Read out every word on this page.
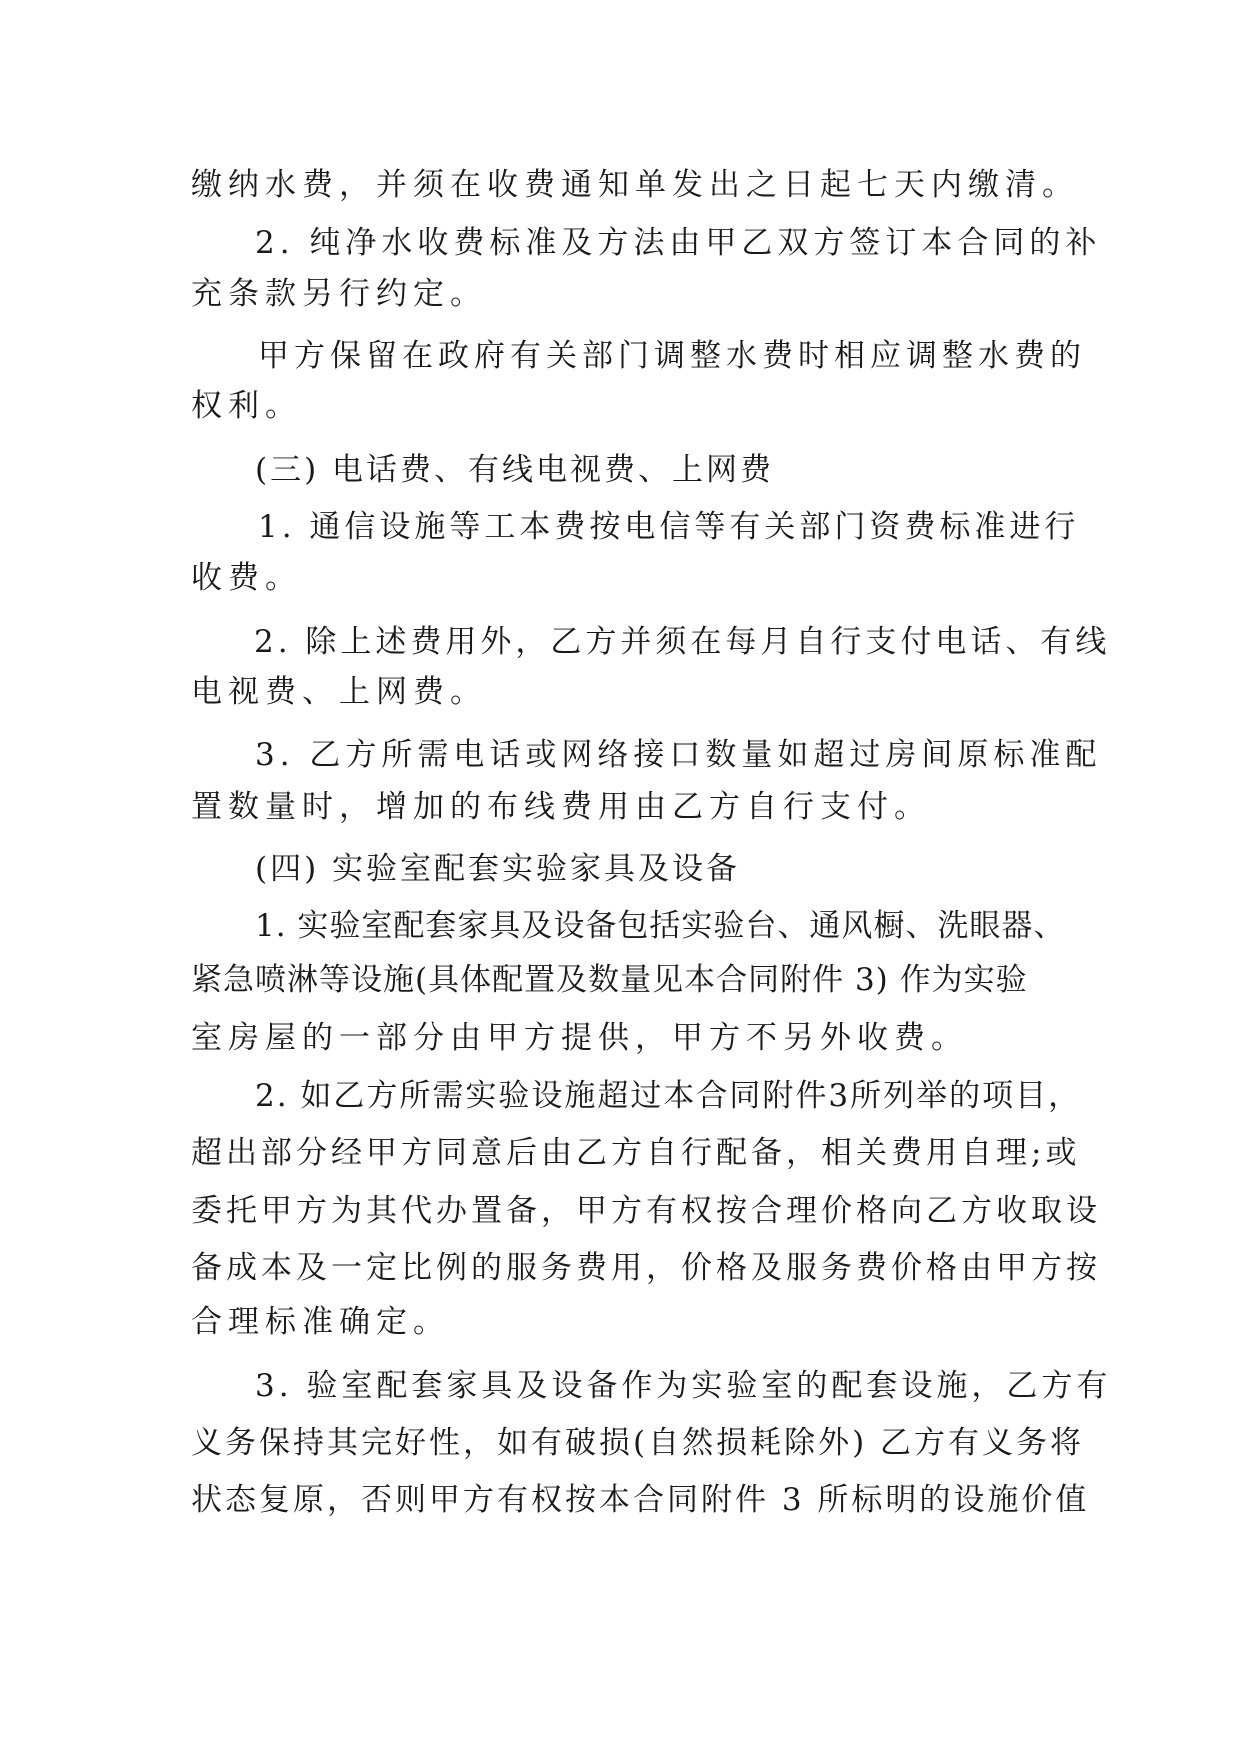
缴纳水费，并须在收费通知单发出之日起七天内缴清。
2. 纯净水收费标准及方法由甲乙双方签订本合同的补
充条款另行约定。
甲方保留在政府有关部门调整水费时相应调整水费的
权利。
(三) 电话费、有线电视费、上网费
1. 通信设施等工本费按电信等有关部门资费标准进行
收费。
2. 除上述费用外，乙方并须在每月自行支付电话、有线
电视费、上网费。
3. 乙方所需电话或网络接口数量如超过房间原标准配
置数量时，增加的布线费用由乙方自行支付。
(四) 实验室配套实验家具及设备
1. 实验室配套家具及设备包括实验台、通风橱、洗眼器、
紧急喷淋等设施(具体配置及数量见本合同附件 3) 作为实验
室房屋的一部分由甲方提供，甲方不另外收费。
2. 如乙方所需实验设施超过本合同附件3所列举的项目，
超出部分经甲方同意后由乙方自行配备，相关费用自理;或
委托甲方为其代办置备，甲方有权按合理价格向乙方收取设
备成本及一定比例的服务费用，价格及服务费价格由甲方按
合理标准确定。
3. 验室配套家具及设备作为实验室的配套设施，乙方有
义务保持其完好性，如有破损(自然损耗除外) 乙方有义务将
状态复原，否则甲方有权按本合同附件 3 所标明的设施价值
